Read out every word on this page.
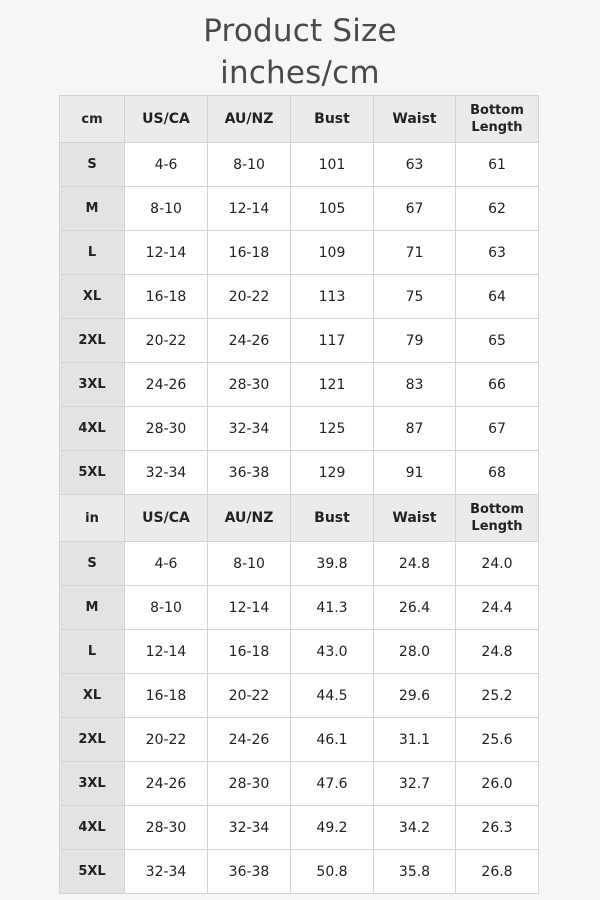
Product Size
inches/cm
cm	US/CA	AU/NZ	Bust	Waist	Bottom
Length

S	4-6	8-10	101	63	61
M	8-10	12-14	105	67	62
L	12-14	16-18	109	71	63
XL	16-18	20-22	113	75	64
2XL	20-22	24-26	117	79	65
3XL	24-26	28-30	121	83	66
4XL	28-30	32-34	125	87	67
5XL	32-34	36-38	129	91	68
in	US/CA	AU/NZ	Bust	Waist	Bottom
Length

S	4-6	8-10	39.8	24.8	24.0
M	8-10	12-14	41.3	26.4	24.4
L	12-14	16-18	43.0	28.0	24.8
XL	16-18	20-22	44.5	29.6	25.2
2XL	20-22	24-26	46.1	31.1	25.6
3XL	24-26	28-30	47.6	32.7	26.0
4XL	28-30	32-34	49.2	34.2	26.3
5XL	32-34	36-38	50.8	35.8	26.8
